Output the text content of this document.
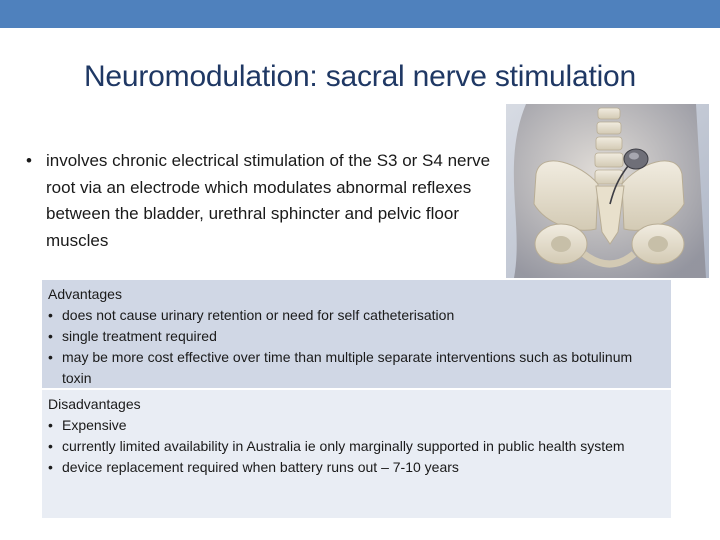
Neuromodulation: sacral nerve stimulation
• involves chronic electrical stimulation of the S3 or S4 nerve root via an electrode which modulates abnormal reflexes between the bladder, urethral sphincter and pelvic floor muscles
Advantages
• does not cause urinary retention or need for self catheterisation
• single treatment required
• may be more cost effective over time than multiple separate interventions such as botulinum toxin
Disadvantages
• Expensive
• currently limited availability in Australia ie only marginally supported in public health system
• device replacement required when battery runs out – 7-10 years
